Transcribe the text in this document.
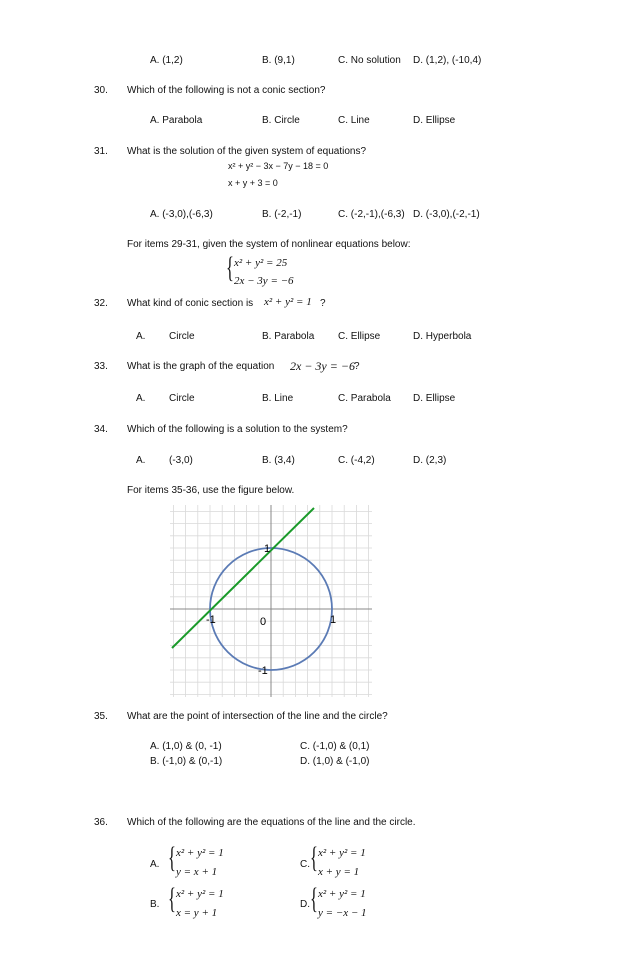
A. (1,2)	B. (9,1)	C. No solution D. (1,2), (-10,4)
30. Which of the following is not a conic section?
A. Parabola	B. Circle	C. Line	D. Ellipse
31. What is the solution of the given system of equations?
x² + y² − 3x − 7y − 18 = 0
x + y + 3 = 0
A. (-3,0),(-6,3)	B. (-2,-1)	C. (-2,-1),(-6,3) D. (-3,0),(-2,-1)
For items 29-31, given the system of nonlinear equations below:
{ x² + y² = 25
2x − 3y = −6
32. What kind of conic section is x² + y² = 1 ?
A. Circle	B. Parabola C. Ellipse	D. Hyperbola
33. What is the graph of the equation 2x − 3y = −6 ?
A. Circle	B. Line	C. Parabola D. Ellipse
34. Which of the following is a solution to the system?
A. (-3,0)	B. (3,4)	C. (-4,2)	D. (2,3)
For items 35-36, use the figure below.
-1	0	1
1
-1
35. What are the point of intersection of the line and the circle?
A. (1,0) & (0, -1)
B. (-1,0) & (0,-1)
C. (-1,0) & (0,1)
D. (1,0) & (-1,0)
36. Which of the following are the equations of the line and the circle.
A. { x² + y² = 1
y = x + 1
C. { x² + y² = 1
x + y = 1
B. { x² + y² = 1
x = y + 1
D. { x² + y² = 1
y = −x − 1
